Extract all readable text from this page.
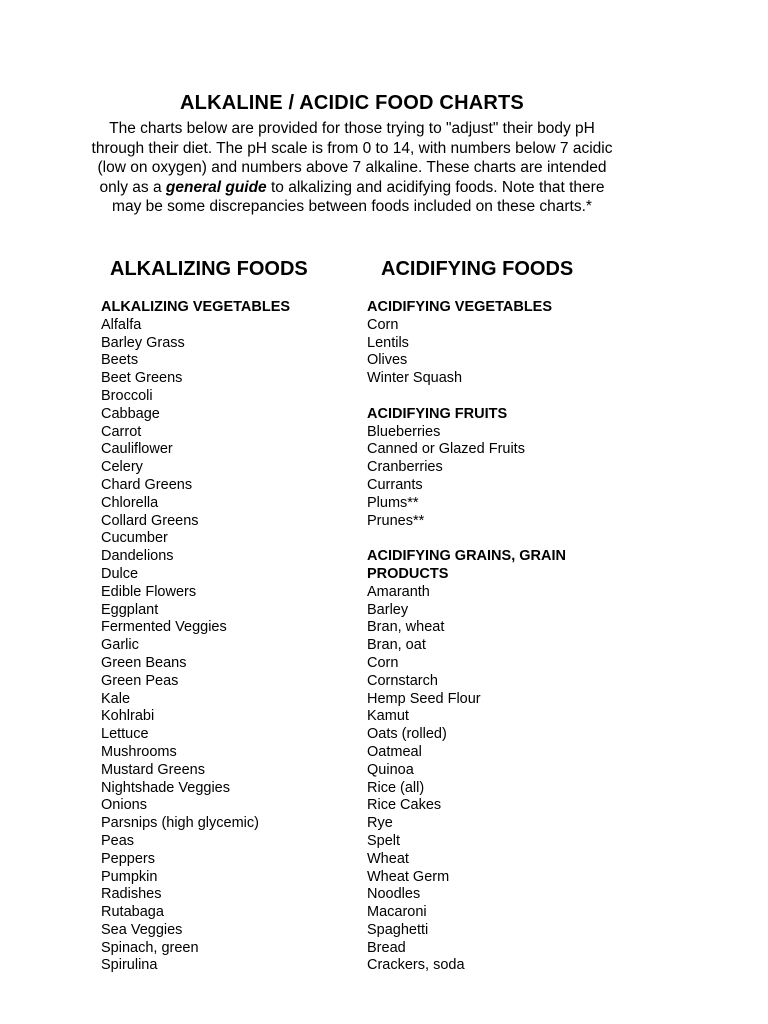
ALKALINE / ACIDIC FOOD CHARTS

The charts below are provided for those trying to "adjust" their body pH through their diet. The pH scale is from 0 to 14, with numbers below 7 acidic (low on oxygen) and numbers above 7 alkaline. These charts are intended only as a general guide to alkalizing and acidifying foods. Note that there may be some discrepancies between foods included on these charts.*

ALKALIZING FOODS	ACIDIFYING FOODS
ALKALIZING VEGETABLES
Alfalfa
Barley Grass
Beets
Beet Greens
Broccoli
Cabbage
Carrot
Cauliflower
Celery
Chard Greens
Chlorella
Collard Greens
Cucumber
Dandelions
Dulce
Edible Flowers
Eggplant
Fermented Veggies
Garlic
Green Beans
Green Peas
Kale
Kohlrabi
Lettuce
Mushrooms
Mustard Greens
Nightshade Veggies
Onions
Parsnips (high glycemic)
Peas
Peppers
Pumpkin
Radishes
Rutabaga
Sea Veggies
Spinach, green
Spirulina
ACIDIFYING VEGETABLES
Corn
Lentils
Olives
Winter Squash
ACIDIFYING FRUITS
Blueberries
Canned or Glazed Fruits
Cranberries
Currants
Plums**
Prunes**
ACIDIFYING GRAINS, GRAIN PRODUCTS
Amaranth
Barley
Bran, wheat
Bran, oat
Corn
Cornstarch
Hemp Seed Flour
Kamut
Oats (rolled)
Oatmeal
Quinoa
Rice (all)
Rice Cakes
Rye
Spelt
Wheat
Wheat Germ
Noodles
Macaroni
Spaghetti
Bread
Crackers, soda
